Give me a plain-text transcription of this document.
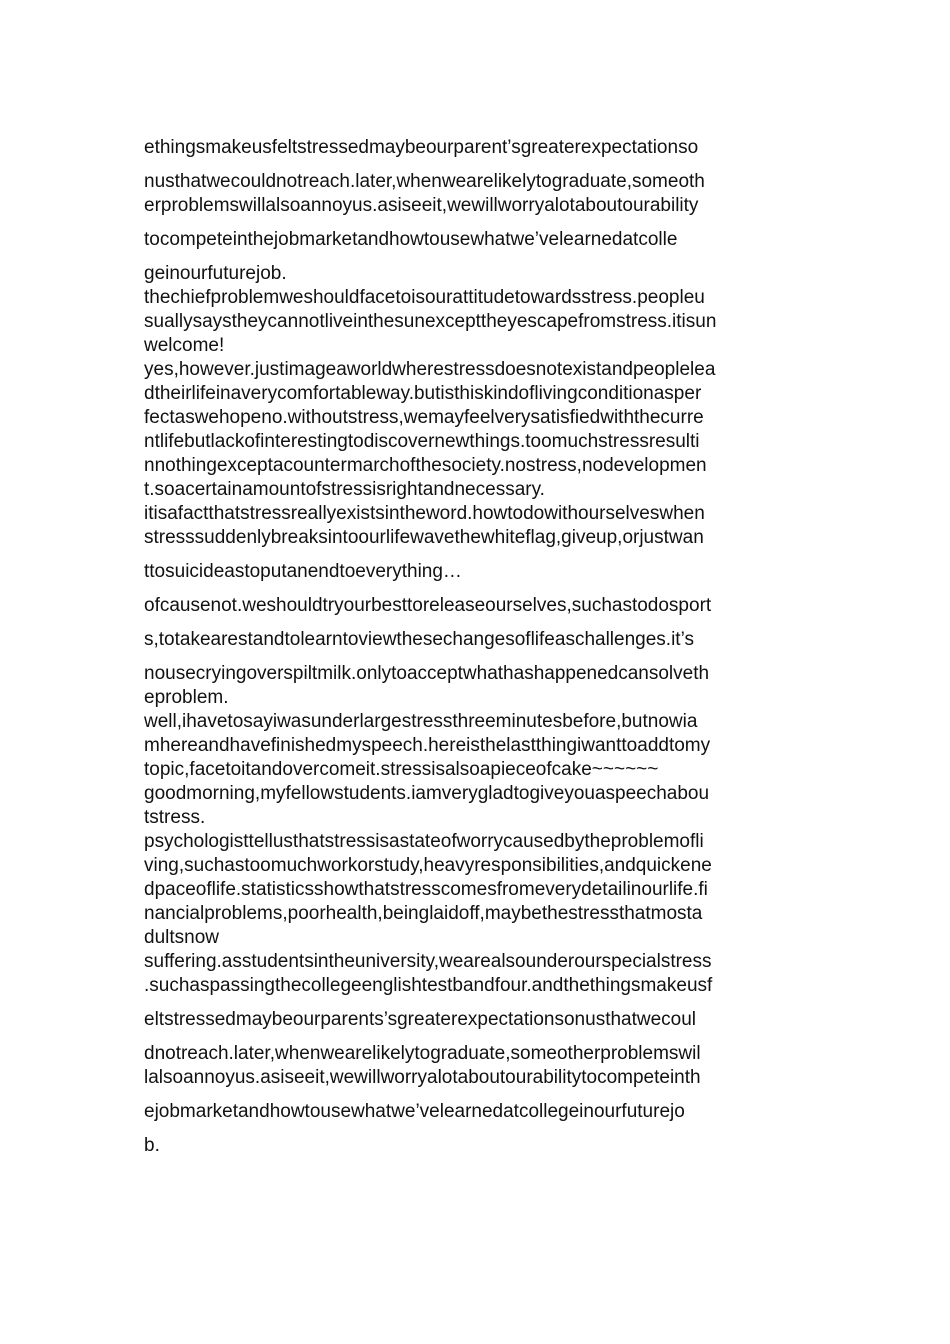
ethingsmakeusfeltstressedmaybeourparent’sgreaterexpectationso
nusthatwecouldnotreach.later,whenwearelikelytograduate,someoth
erproblemswillalsoannoyus.asiseeit,wewillworryalotaboutourability
tocompeteinthejobmarketandhowtousewhatwe’velearnedatcolle
geinourfuturejob.
thechiefproblemweshouldfacetoisourattitudetowardsstress.peopleu
suallysaystheycannotliveinthesunexcepttheyescapefromstress.itisun
welcome!
yes,however.justimageaworldwherestressdoesnotexistandpeoplelea
dtheirlifeinaverycomfortableway.butisthiskindoflivingconditionasper
fectaswehopeno.withoutstress,wemayfeelverysatisfiedwiththecurre
ntlifebutlackofinterestingtodiscovernewthings.toomuchstressresulti
nnothingexceptacountermarchofthesociety.nostress,nodevelopmen
t.soacertainamountofstressisrightandnecessary.
itisafactthatstressreallyexistsintheword.howtodowithourselveswhen
stresssuddenlybreaksintoourlifewavethewhiteflag,giveup,orjustwan
ttosuicideastoputanendtoeverything…
ofcausenot.weshouldtryourbesttoreleaseourselves,suchastodosport
s,totakearestandtolearntoviewthesechangesoflifeaschallenges.it’s
nousecryingoverspiltmilk.onlytoacceptwhathashappenedcansolveth
eproblem.
well,ihavetosayiwasunderlargestressthreeminutesbefore,butnowia
mhereandhavefinishedmyspeech.hereisthelastthingiwanttoaddtomy
topic,facetoitandovercomeit.stressisalsoapieceofcake~~~~~~
goodmorning,myfellowstudents.iamverygladtogiveyouaspeechabou
tstress.
psychologisttellusthatstressisastateofworrycausedbytheproblemofli
ving,suchastoomuchworkorstudy,heavyresponsibilities,andquickene
dpaceoflife.statisticsshowthatstresscomesfromeverydetailinourlife.fi
nancialproblems,poorhealth,beinglaidoff,maybethestressthatmosta
dultsnow
suffering.asstudentsintheuniversity,wearealsounderourspecialstress
.suchaspassingthecollegeenglishtestbandfour.andthethingsmakeusf
eltstressedmaybeourparents’sgreaterexpectationsonusthatwecoul
dnotreach.later,whenwearelikelytograduate,someotherproblemswil
lalsoannoyus.asiseeit,wewillworryalotaboutourabilitytocompeteinth
ejobmarketandhowtousewhatwe’velearnedatcollegeinourfuturejo
b.
